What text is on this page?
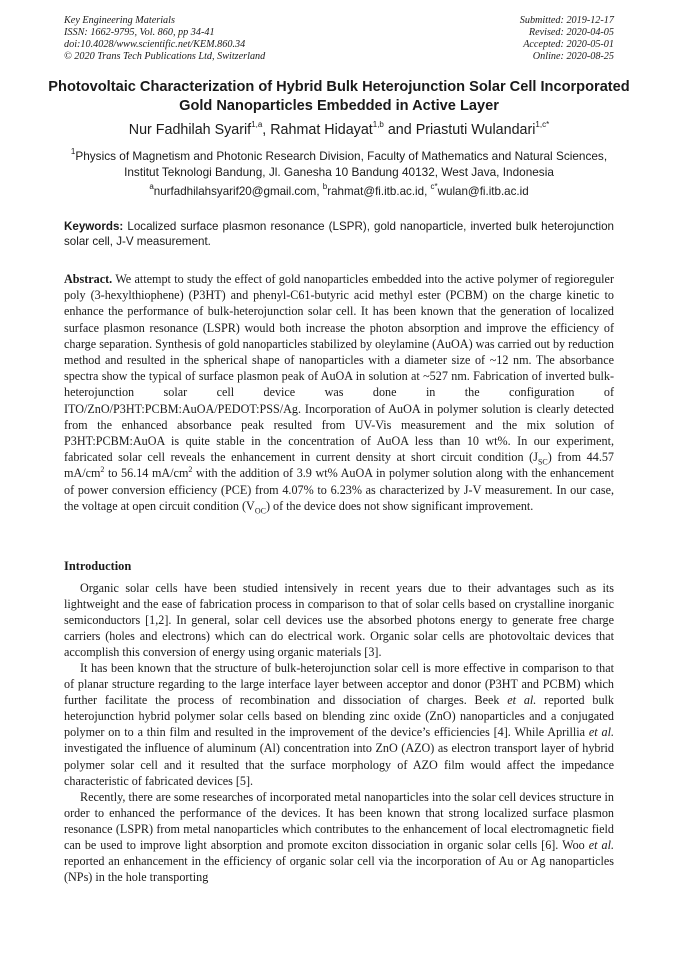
Key Engineering Materials
ISSN: 1662-9795, Vol. 860, pp 34-41
doi:10.4028/www.scientific.net/KEM.860.34
© 2020 Trans Tech Publications Ltd, Switzerland
Submitted: 2019-12-17
Revised: 2020-04-05
Accepted: 2020-05-01
Online: 2020-08-25
Photovoltaic Characterization of Hybrid Bulk Heterojunction Solar Cell Incorporated Gold Nanoparticles Embedded in Active Layer
Nur Fadhilah Syarif$^{1,a}$, Rahmat Hidayat$^{1,b}$ and Priastuti Wulandari$^{1,c*}$
$^1$Physics of Magnetism and Photonic Research Division, Faculty of Mathematics and Natural Sciences, Institut Teknologi Bandung, Jl. Ganesha 10 Bandung 40132, West Java, Indonesia
$^a$nurfadhilahsyarif20@gmail.com, $^b$rahmat@fi.itb.ac.id, $^{c*}$wulan@fi.itb.ac.id
Keywords: Localized surface plasmon resonance (LSPR), gold nanoparticle, inverted bulk heterojunction solar cell, J-V measurement.
Abstract. We attempt to study the effect of gold nanoparticles embedded into the active polymer of regioreguler poly (3-hexylthiophene) (P3HT) and phenyl-C61-butyric acid methyl ester (PCBM) on the charge kinetic to enhance the performance of bulk-heterojunction solar cell. It has been known that the generation of localized surface plasmon resonance (LSPR) would both increase the photon absorption and improve the efficiency of charge separation. Synthesis of gold nanoparticles stabilized by oleylamine (AuOA) was carried out by reduction method and resulted in the spherical shape of nanoparticles with a diameter size of ~12 nm. The absorbance spectra show the typical of surface plasmon peak of AuOA in solution at ~527 nm. Fabrication of inverted bulk-heterojunction solar cell device was done in the configuration of ITO/ZnO/P3HT:PCBM:AuOA/PEDOT:PSS/Ag. Incorporation of AuOA in polymer solution is clearly detected from the enhanced absorbance peak resulted from UV-Vis measurement and the mix solution of P3HT:PCBM:AuOA is quite stable in the concentration of AuOA less than 10 wt%. In our experiment, fabricated solar cell reveals the enhancement in current density at short circuit condition $(J_{SC})$ from 44.57 $mA/cm^2$ to 56.14 $mA/cm^2$ with the addition of 3.9 wt% AuOA in polymer solution along with the enhancement of power conversion efficiency (PCE) from 4.07% to 6.23% as characterized by J-V measurement. In our case, the voltage at open circuit condition $(V_{OC})$ of the device does not show significant improvement.
Introduction

Organic solar cells have been studied intensively in recent years due to their advantages such as its lightweight and the ease of fabrication process in comparison to that of solar cells based on crystalline inorganic semiconductors [1,2]. In general, solar cell devices use the absorbed photons energy to generate free charge carriers (holes and electrons) which can do electrical work. Organic solar cells are photovoltaic devices that accomplish this conversion of energy using organic materials [3].

It has been known that the structure of bulk-heterojunction solar cell is more effective in comparison to that of planar structure regarding to the large interface layer between acceptor and donor (P3HT and PCBM) which further facilitate the process of recombination and dissociation of charges. Beek et al. reported bulk heterojunction hybrid polymer solar cells based on blending zinc oxide (ZnO) nanoparticles and a conjugated polymer on to a thin film and resulted in the improvement of the device’s efficiencies [4]. While Aprillia et al. investigated the influence of aluminum (Al) concentration into ZnO (AZO) as electron transport layer of hybrid polymer solar cell and it resulted that the surface morphology of AZO film would affect the impedance characteristic of fabricated devices [5].

Recently, there are some researches of incorporated metal nanoparticles into the solar cell devices structure in order to enhanced the performance of the devices. It has been known that strong localized surface plasmon resonance (LSPR) from metal nanoparticles which contributes to the enhancement of local electromagnetic field can be used to improve light absorption and promote exciton dissociation in organic solar cells [6]. Woo et al. reported an enhancement in the efficiency of organic solar cell via the incorporation of Au or Ag nanoparticles (NPs) in the hole transporting
